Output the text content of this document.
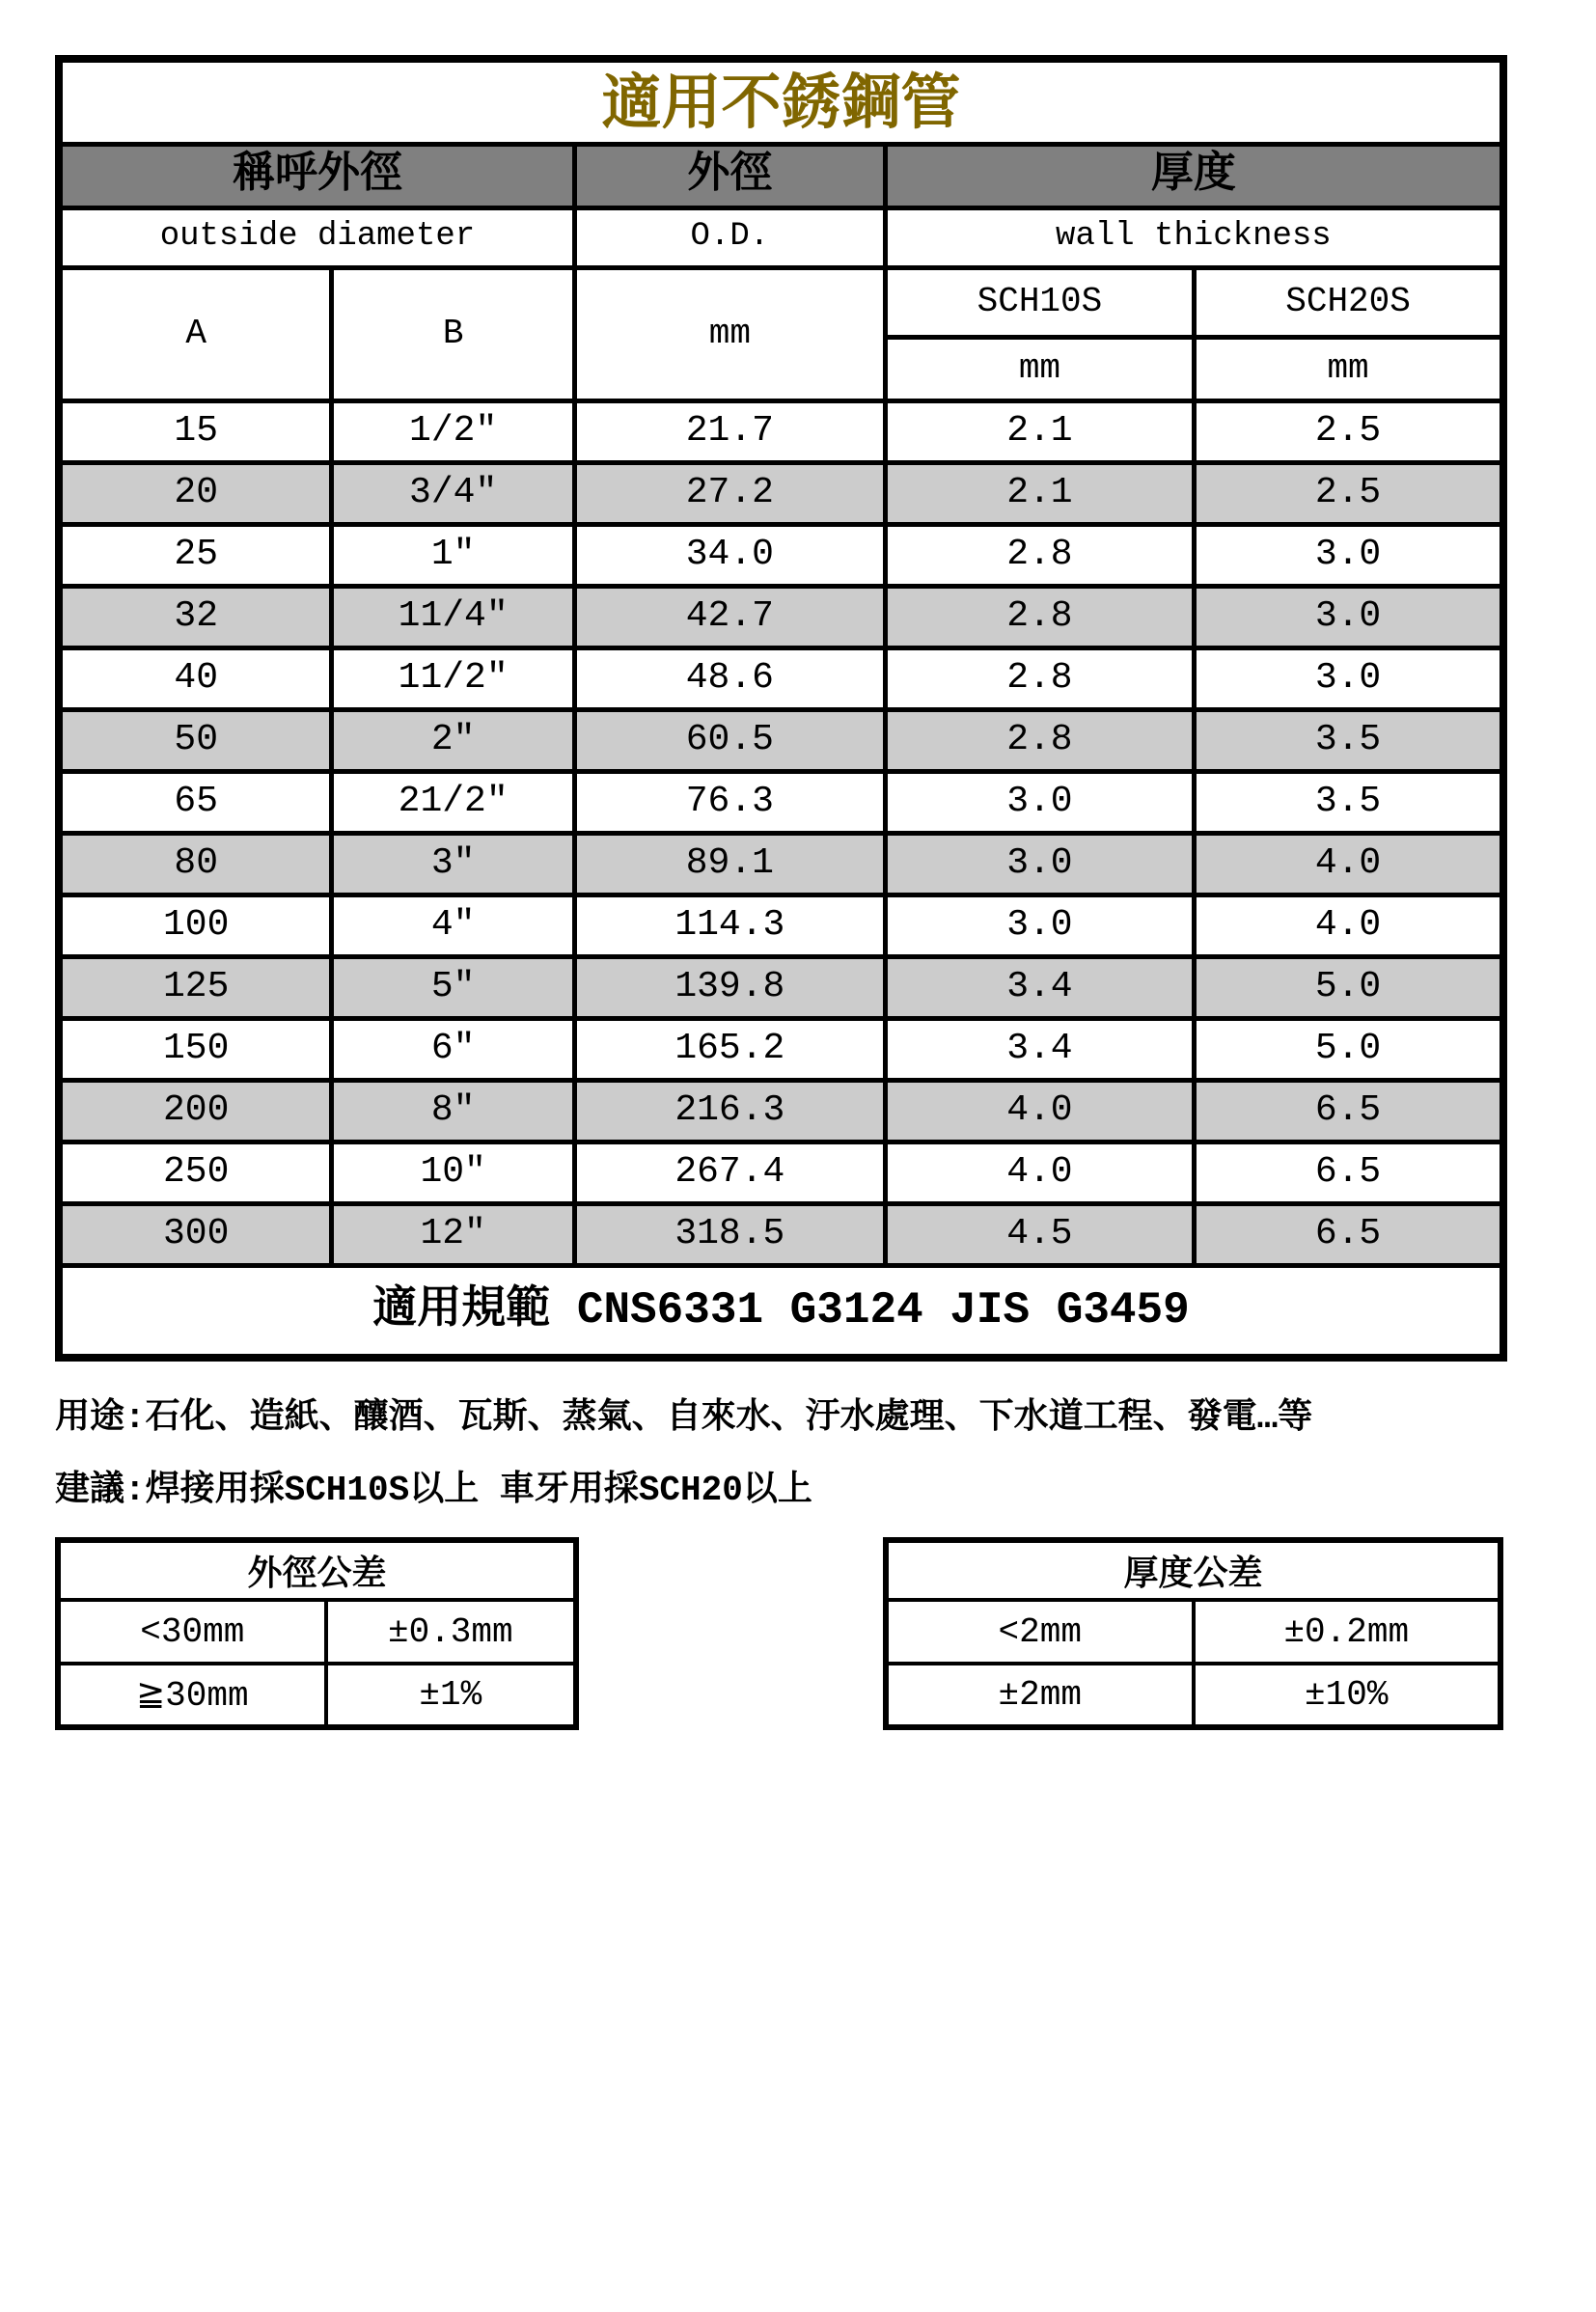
適用不銹鋼管				
稱呼外徑		外徑	厚度	
outside diameter		O.D.	wall thickness	
A	B	mm	SCH10S	SCH20S
			mm	mm
15	1/2"	21.7	2.1	2.5
20	3/4"	27.2	2.1	2.5
25	1"	34.0	2.8	3.0
32	11/4"	42.7	2.8	3.0
40	11/2"	48.6	2.8	3.0
50	2"	60.5	2.8	3.5
65	21/2"	76.3	3.0	3.5
80	3"	89.1	3.0	4.0
100	4"	114.3	3.0	4.0
125	5"	139.8	3.4	5.0
150	6"	165.2	3.4	5.0
200	8"	216.3	4.0	6.5
250	10"	267.4	4.0	6.5
300	12"	318.5	4.5	6.5
適用規範 CNS6331 G3124 JIS G3459				
用途:石化、造紙、釀酒、瓦斯、蒸氣、自來水、汙水處理、下水道工程、發電…等
建議:焊接用採SCH10S以上 車牙用採SCH20以上
外徑公差	
<30mm	±0.3mm
≧30mm	±1%
厚度公差	
<2mm	±0.2mm
±2mm	±10%
